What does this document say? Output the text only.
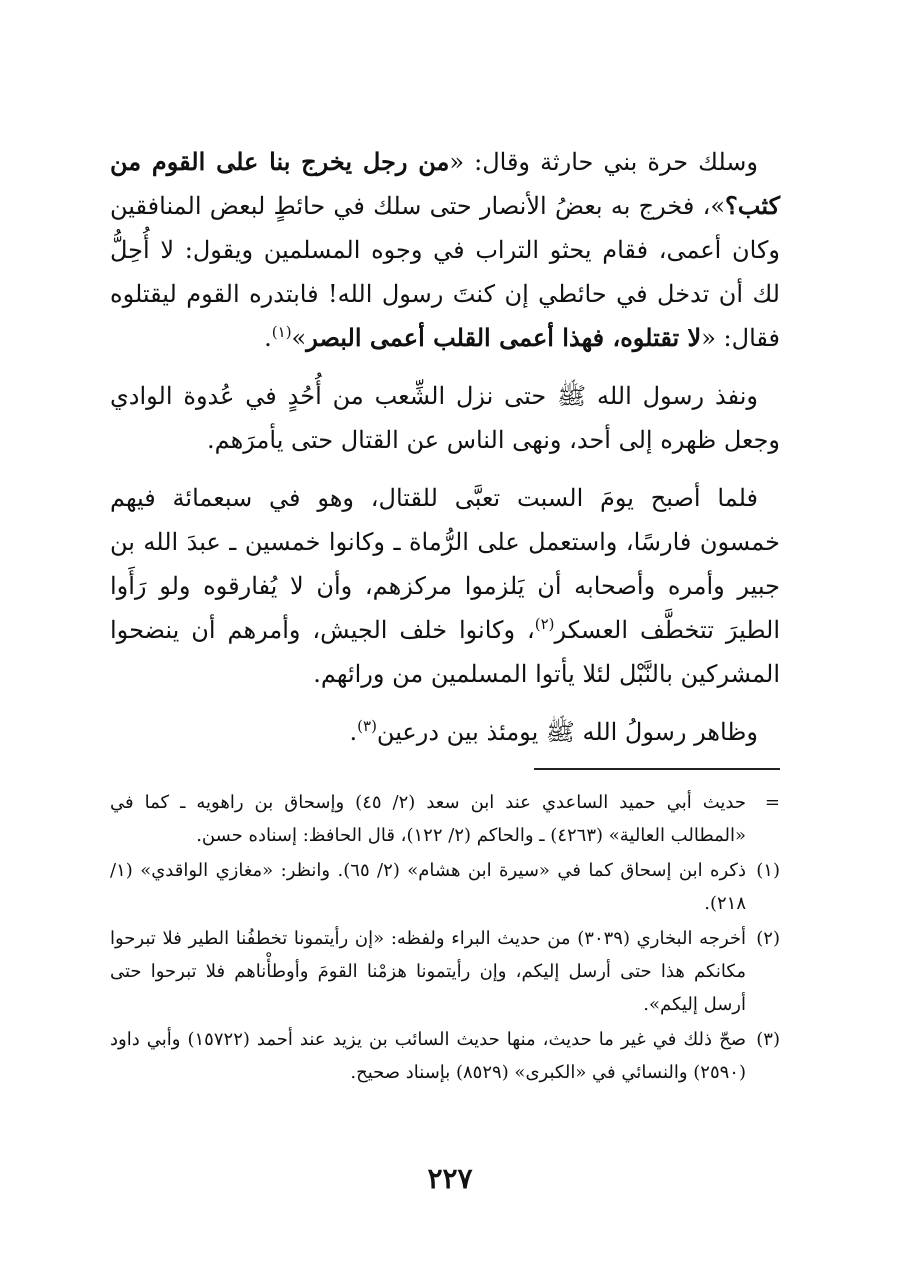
وسلك حرة بني حارثة وقال: «من رجل يخرج بنا على القوم من كثب؟»، فخرج به بعضُ الأنصار حتى سلك في حائطٍ لبعض المنافقين وكان أعمى، فقام يحثو التراب في وجوه المسلمين ويقول: لا أُحِلُّ لك أن تدخل في حائطي إن كنتَ رسول الله! فابتدره القوم ليقتلوه فقال: «لا تقتلوه، فهذا أعمى القلب أعمى البصر»$^{(١)}$.

ونفذ رسول الله ﷺ حتى نزل الشِّعب من أُحُدٍ في عُدوة الوادي وجعل ظهره إلى أحد، ونهى الناس عن القتال حتى يأمرَهم.

فلما أصبح يومَ السبت تعبَّى للقتال، وهو في سبعمائة فيهم خمسون فارسًا، واستعمل على الرُّماة ـ وكانوا خمسين ـ عبدَ الله بن جبير وأمره وأصحابه أن يَلزموا مركزهم، وأن لا يُفارقوه ولو رَأَوا الطيرَ تتخطَّف العسكر$^{(٢)}$، وكانوا خلف الجيش، وأمرهم أن ينضحوا المشركين بالنَّبْل لئلا يأتوا المسلمين من ورائهم.

وظاهر رسولُ الله ﷺ يومئذ بين درعين$^{(٣)}$.

=
حديث أبي حميد الساعدي عند ابن سعد (٢/ ٤٥) وإسحاق بن راهويه ـ كما في «المطالب العالية» (٤٢٦٣) ـ والحاكم (٢/ ١٢٢)، قال الحافظ: إسناده حسن.
(١)
ذكره ابن إسحاق كما في «سيرة ابن هشام» (٢/ ٦٥). وانظر: «مغازي الواقدي» (١/ ٢١٨).
(٢)
أخرجه البخاري (٣٠٣٩) من حديث البراء ولفظه: «إن رأيتمونا تخطفُنا الطير فلا تبرحوا مكانكم هذا حتى أرسل إليكم، وإن رأيتمونا هزمْنا القومَ وأوطأْناهم فلا تبرحوا حتى أرسل إليكم».
(٣)
صحّ ذلك في غير ما حديث، منها حديث السائب بن يزيد عند أحمد (١٥٧٢٢) وأبي داود (٢٥٩٠) والنسائي في «الكبرى» (٨٥٢٩) بإسناد صحيح.
٢٢٧
